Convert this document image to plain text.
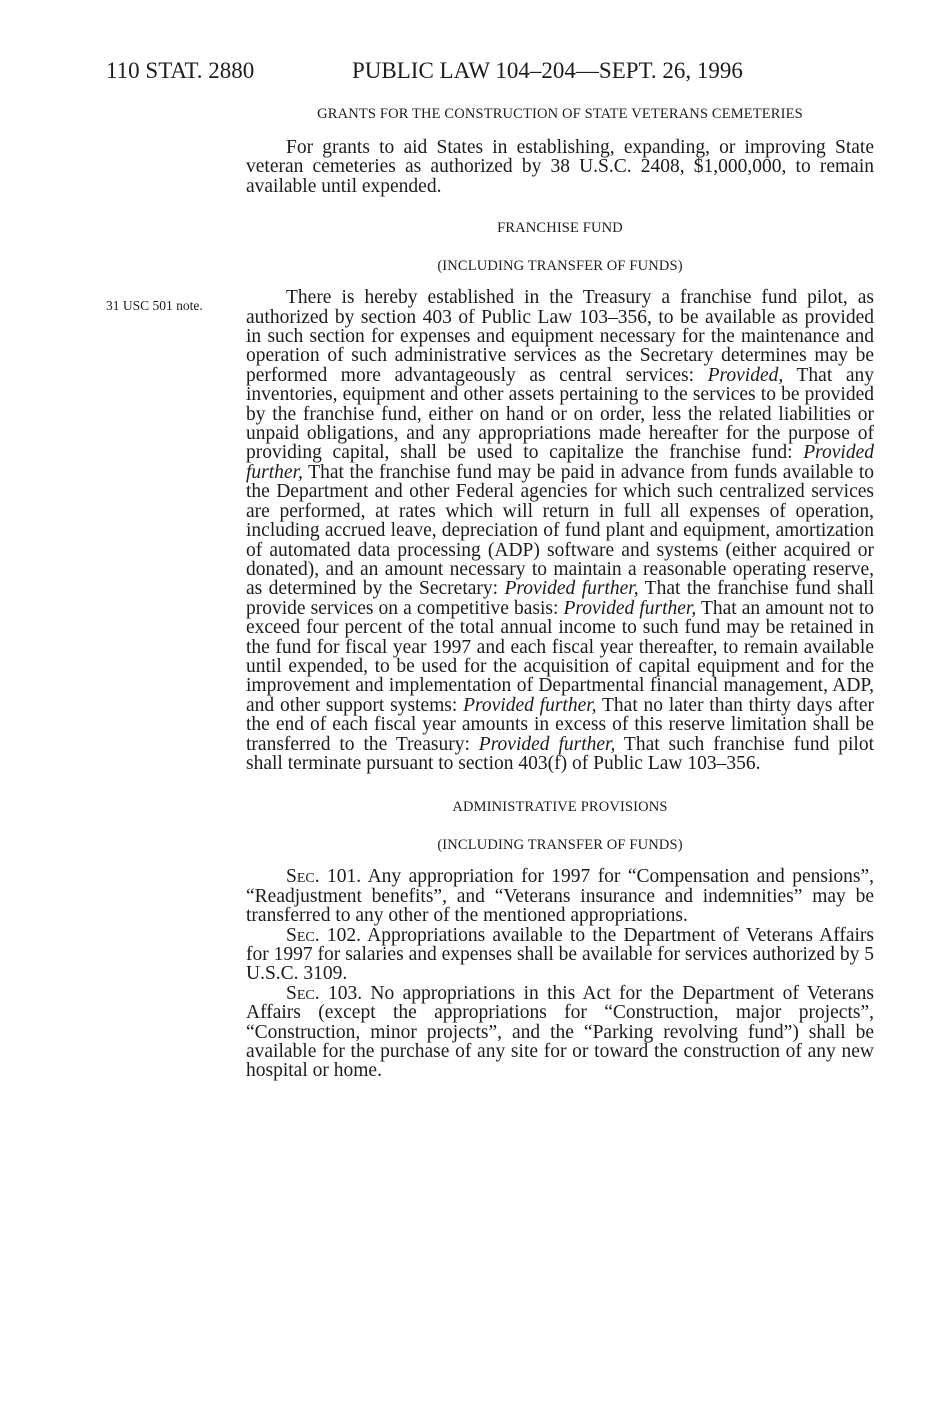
110 STAT. 2880	PUBLIC LAW 104–204—SEPT. 26, 1996
31 USC 501 note.
GRANTS FOR THE CONSTRUCTION OF STATE VETERANS CEMETERIES

For grants to aid States in establishing, expanding, or improving State veteran cemeteries as authorized by 38 U.S.C. 2408, $1,000,000, to remain available until expended.

FRANCHISE FUND
(INCLUDING TRANSFER OF FUNDS)

There is hereby established in the Treasury a franchise fund pilot, as authorized by section 403 of Public Law 103–356, to be available as provided in such section for expenses and equipment necessary for the maintenance and operation of such administrative services as the Secretary determines may be performed more advantageously as central services: Provided, That any inventories, equipment and other assets pertaining to the services to be provided by the franchise fund, either on hand or on order, less the related liabilities or unpaid obligations, and any appropriations made hereafter for the purpose of providing capital, shall be used to capitalize the franchise fund: Provided further, That the franchise fund may be paid in advance from funds available to the Department and other Federal agencies for which such centralized services are performed, at rates which will return in full all expenses of operation, including accrued leave, depreciation of fund plant and equipment, amortization of automated data processing (ADP) software and systems (either acquired or donated), and an amount necessary to maintain a reasonable operating reserve, as determined by the Secretary: Provided further, That the franchise fund shall provide services on a competitive basis: Provided further, That an amount not to exceed four percent of the total annual income to such fund may be retained in the fund for fiscal year 1997 and each fiscal year thereafter, to remain available until expended, to be used for the acquisition of capital equipment and for the improvement and implementation of Departmental financial management, ADP, and other support systems: Provided further, That no later than thirty days after the end of each fiscal year amounts in excess of this reserve limitation shall be transferred to the Treasury: Provided further, That such franchise fund pilot shall terminate pursuant to section 403(f) of Public Law 103–356.

ADMINISTRATIVE PROVISIONS
(INCLUDING TRANSFER OF FUNDS)

Sec. 101. Any appropriation for 1997 for “Compensation and pensions”, “Readjustment benefits”, and “Veterans insurance and indemnities” may be transferred to any other of the mentioned appropriations.

Sec. 102. Appropriations available to the Department of Veterans Affairs for 1997 for salaries and expenses shall be available for services authorized by 5 U.S.C. 3109.

Sec. 103. No appropriations in this Act for the Department of Veterans Affairs (except the appropriations for “Construction, major projects”, “Construction, minor projects”, and the “Parking revolving fund”) shall be available for the purchase of any site for or toward the construction of any new hospital or home.
